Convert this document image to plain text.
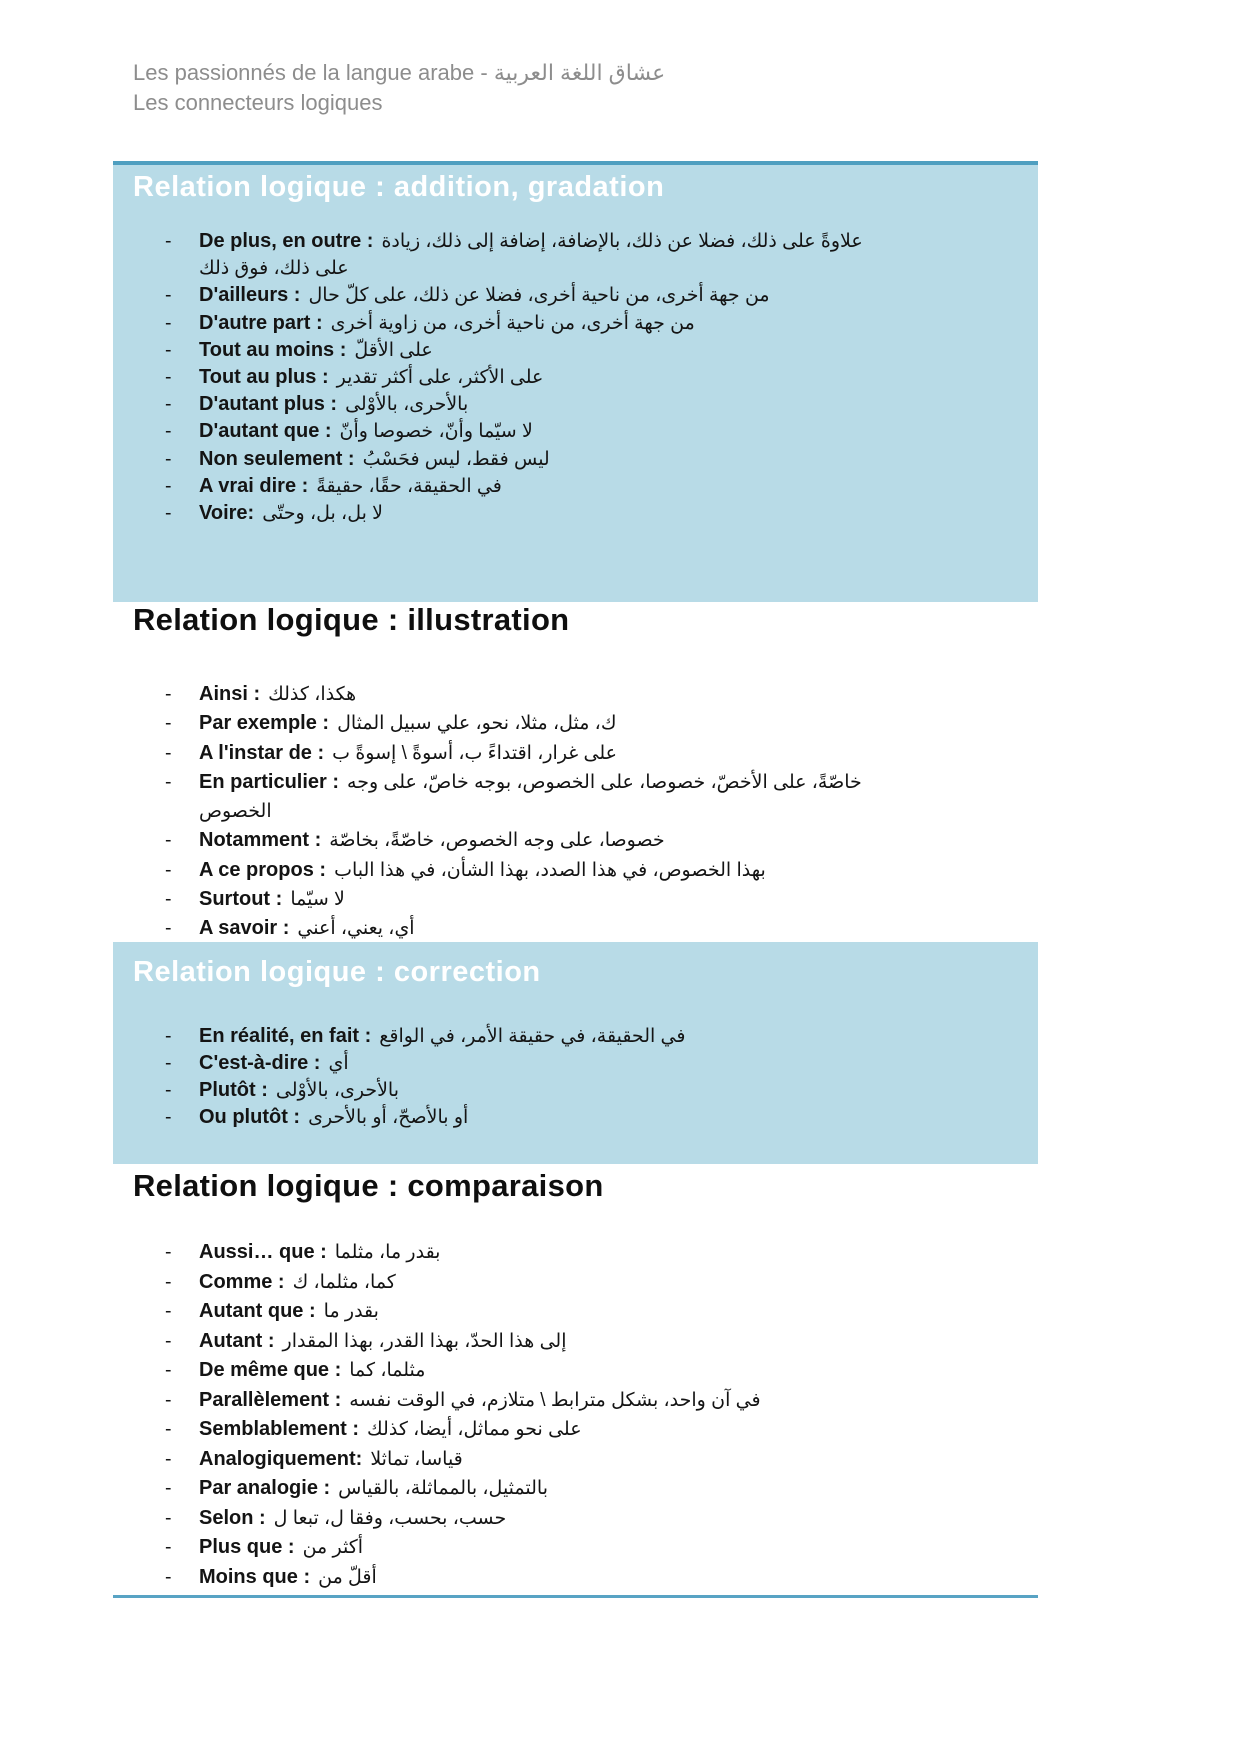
Les passionnés de la langue arabe - عشاق اللغة العربية
Les connecteurs logiques
Relation logique : addition, gradation
-	De plus, en outre : علاوةً على ذلك، فضلا عن ذلك، بالإضافة، إضافة إلى ذلك، زيادة على ذلك، فوق ذلك
-	D'ailleurs : من جهة أخرى، من ناحية أخرى، فضلا عن ذلك، على كلّ حال
-	D'autre part : من جهة أخرى، من ناحية أخرى، من زاوية أخرى
-	Tout au moins : على الأقلّ
-	Tout au plus : على الأكثر، على أكثر تقدير
-	D'autant plus : بالأحرى، بالأوْلى
-	D'autant que : لا سيّما وأنّ، خصوصا وأنّ
-	Non seulement : ليس فقط، ليس فحَسْبُ
-	A vrai dire : في الحقيقة، حقًا، حقيقةً
-	Voire: لا بل، بل، وحتّى
Relation logique : illustration
-	Ainsi : هكذا، كذلك
-	Par exemple : ك، مثل، مثلا، نحو، علي سبيل المثال
-	A l'instar de : على غرار، اقتداءً ب، أسوةً \ إسوةً ب
-	En particulier : خاصّةً، على الأخصّ، خصوصا، على الخصوص، بوجه خاصّ، على وجه الخصوص
-	Notamment : خصوصا، على وجه الخصوص، خاصّةً، بخاصّة
-	A ce propos : بهذا الخصوص، في هذا الصدد، بهذا الشأن، في هذا الباب
-	Surtout : لا سيّما
-	A savoir : أي، يعني، أعني
Relation logique : correction
-	En réalité, en fait : في الحقيقة، في حقيقة الأمر، في الواقع
-	C'est-à-dire : أي
-	Plutôt : بالأحرى، بالأوْلى
-	Ou plutôt : أو بالأصحّ، أو بالأحرى
Relation logique : comparaison
-	Aussi… que : بقدر ما، مثلما
-	Comme : كما، مثلما، ك
-	Autant que : بقدر ما
-	Autant : إلى هذا الحدّ، بهذا القدر، بهذا المقدار
-	De même que : مثلما، كما
-	Parallèlement : في آن واحد، بشكل مترابط \ متلازم، في الوقت نفسه
-	Semblablement : على نحو مماثل، أيضا، كذلك
-	Analogiquement: قياسا، تماثلا
-	Par analogie : بالتمثيل، بالمماثلة، بالقياس
-	Selon : حسب، بحسب، وفقا ل، تبعا ل
-	Plus que : أكثر من
-	Moins que : أقلّ من
